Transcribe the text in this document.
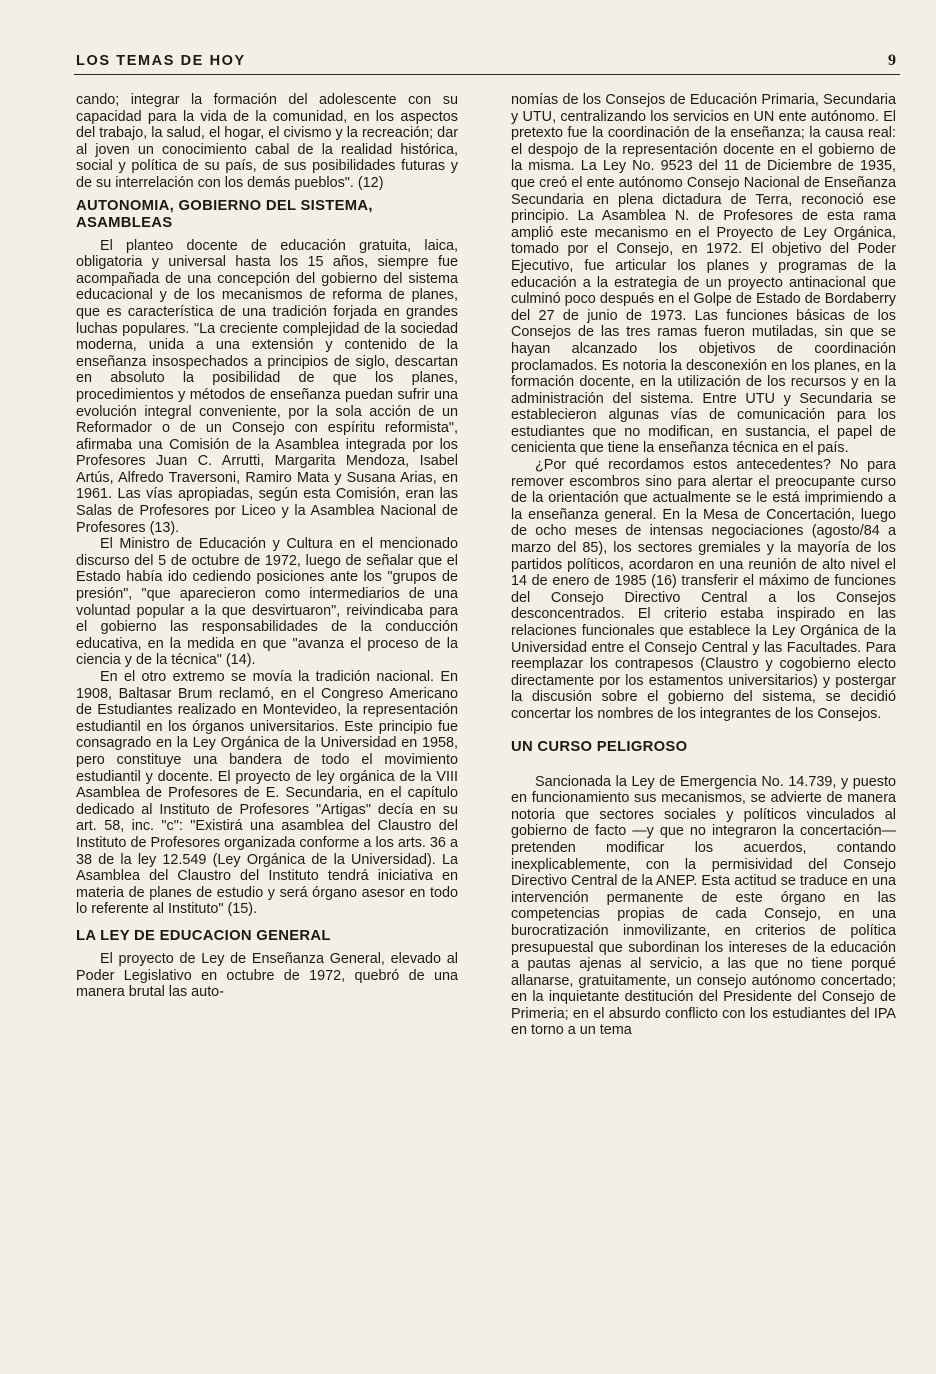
LOS TEMAS DE HOY	9

cando; integrar la formación del adolescente con su capacidad para la vida de la comunidad, en los aspectos del trabajo, la salud, el hogar, el civismo y la recreación; dar al joven un conocimiento cabal de la realidad histórica, social y política de su país, de sus posibilidades futuras y de su interrelación con los demás pueblos". (12)

AUTONOMIA, GOBIERNO DEL SISTEMA, ASAMBLEAS

El planteo docente de educación gratuita, laica, obligatoria y universal hasta los 15 años, siempre fue acompañada de una concepción del gobierno del sistema educacional y de los mecanismos de reforma de planes, que es característica de una tradición forjada en grandes luchas populares. "La creciente complejidad de la sociedad moderna, unida a una extensión y contenido de la enseñanza insospechados a principios de siglo, descartan en absoluto la posibilidad de que los planes, procedimientos y métodos de enseñanza puedan sufrir una evolución integral conveniente, por la sola acción de un Reformador o de un Consejo con espíritu reformista", afirmaba una Comisión de la Asamblea integrada por los Profesores Juan C. Arrutti, Margarita Mendoza, Isabel Artús, Alfredo Traversoni, Ramiro Mata y Susana Arias, en 1961. Las vías apropiadas, según esta Comisión, eran las Salas de Profesores por Liceo y la Asamblea Nacional de Profesores (13).

El Ministro de Educación y Cultura en el mencionado discurso del 5 de octubre de 1972, luego de señalar que el Estado había ido cediendo posiciones ante los "grupos de presión", "que aparecieron como intermediarios de una voluntad popular a la que desvirtuaron", reivindicaba para el gobierno las responsabilidades de la conducción educativa, en la medida en que "avanza el proceso de la ciencia y de la técnica" (14).

En el otro extremo se movía la tradición nacional. En 1908, Baltasar Brum reclamó, en el Congreso Americano de Estudiantes realizado en Montevideo, la representación estudiantil en los órganos universitarios. Este principio fue consagrado en la Ley Orgánica de la Universidad en 1958, pero constituye una bandera de todo el movimiento estudiantil y docente. El proyecto de ley orgánica de la VIII Asamblea de Profesores de E. Secundaria, en el capítulo dedicado al Instituto de Profesores "Artigas" decía en su art. 58, inc. "c": "Existirá una asamblea del Claustro del Instituto de Profesores organizada conforme a los arts. 36 a 38 de la ley 12.549 (Ley Orgánica de la Universidad). La Asamblea del Claustro del Instituto tendrá iniciativa en materia de planes de estudio y será órgano asesor en todo lo referente al Instituto" (15).

LA LEY DE EDUCACION GENERAL

El proyecto de Ley de Enseñanza General, elevado al Poder Legislativo en octubre de 1972, quebró de una manera brutal las auto-

nomías de los Consejos de Educación Primaria, Secundaria y UTU, centralizando los servicios en UN ente autónomo. El pretexto fue la coordinación de la enseñanza; la causa real: el despojo de la representación docente en el gobierno de la misma. La Ley No. 9523 del 11 de Diciembre de 1935, que creó el ente autónomo Consejo Nacional de Enseñanza Secundaria en plena dictadura de Terra, reconoció ese principio. La Asamblea N. de Profesores de esta rama amplió este mecanismo en el Proyecto de Ley Orgánica, tomado por el Consejo, en 1972. El objetivo del Poder Ejecutivo, fue articular los planes y programas de la educación a la estrategia de un proyecto antinacional que culminó poco después en el Golpe de Estado de Bordaberry del 27 de junio de 1973. Las funciones básicas de los Consejos de las tres ramas fueron mutiladas, sin que se hayan alcanzado los objetivos de coordinación proclamados. Es notoria la desconexión en los planes, en la formación docente, en la utilización de los recursos y en la administración del sistema. Entre UTU y Secundaria se establecieron algunas vías de comunicación para los estudiantes que no modifican, en sustancia, el papel de cenicienta que tiene la enseñanza técnica en el país.

¿Por qué recordamos estos antecedentes? No para remover escombros sino para alertar el preocupante curso de la orientación que actualmente se le está imprimiendo a la enseñanza general. En la Mesa de Concertación, luego de ocho meses de intensas negociaciones (agosto/84 a marzo del 85), los sectores gremiales y la mayoría de los partidos políticos, acordaron en una reunión de alto nivel el 14 de enero de 1985 (16) transferir el máximo de funciones del Consejo Directivo Central a los Consejos desconcentrados. El criterio estaba inspirado en las relaciones funcionales que establece la Ley Orgánica de la Universidad entre el Consejo Central y las Facultades. Para reemplazar los contrapesos (Claustro y cogobierno electo directamente por los estamentos universitarios) y postergar la discusión sobre el gobierno del sistema, se decidió concertar los nombres de los integrantes de los Consejos.

UN CURSO PELIGROSO

Sancionada la Ley de Emergencia No. 14.739, y puesto en funcionamiento sus mecanismos, se advierte de manera notoria que sectores sociales y políticos vinculados al gobierno de facto —y que no integraron la concertación— pretenden modificar los acuerdos, contando inexplicablemente, con la permisividad del Consejo Directivo Central de la ANEP. Esta actitud se traduce en una intervención permanente de este órgano en las competencias propias de cada Consejo, en una burocratización inmovilizante, en criterios de política presupuestal que subordinan los intereses de la educación a pautas ajenas al servicio, a las que no tiene porqué allanarse, gratuitamente, un consejo autónomo concertado; en la inquietante destitución del Presidente del Consejo de Primeria; en el absurdo conflicto con los estudiantes del IPA en torno a un tema
